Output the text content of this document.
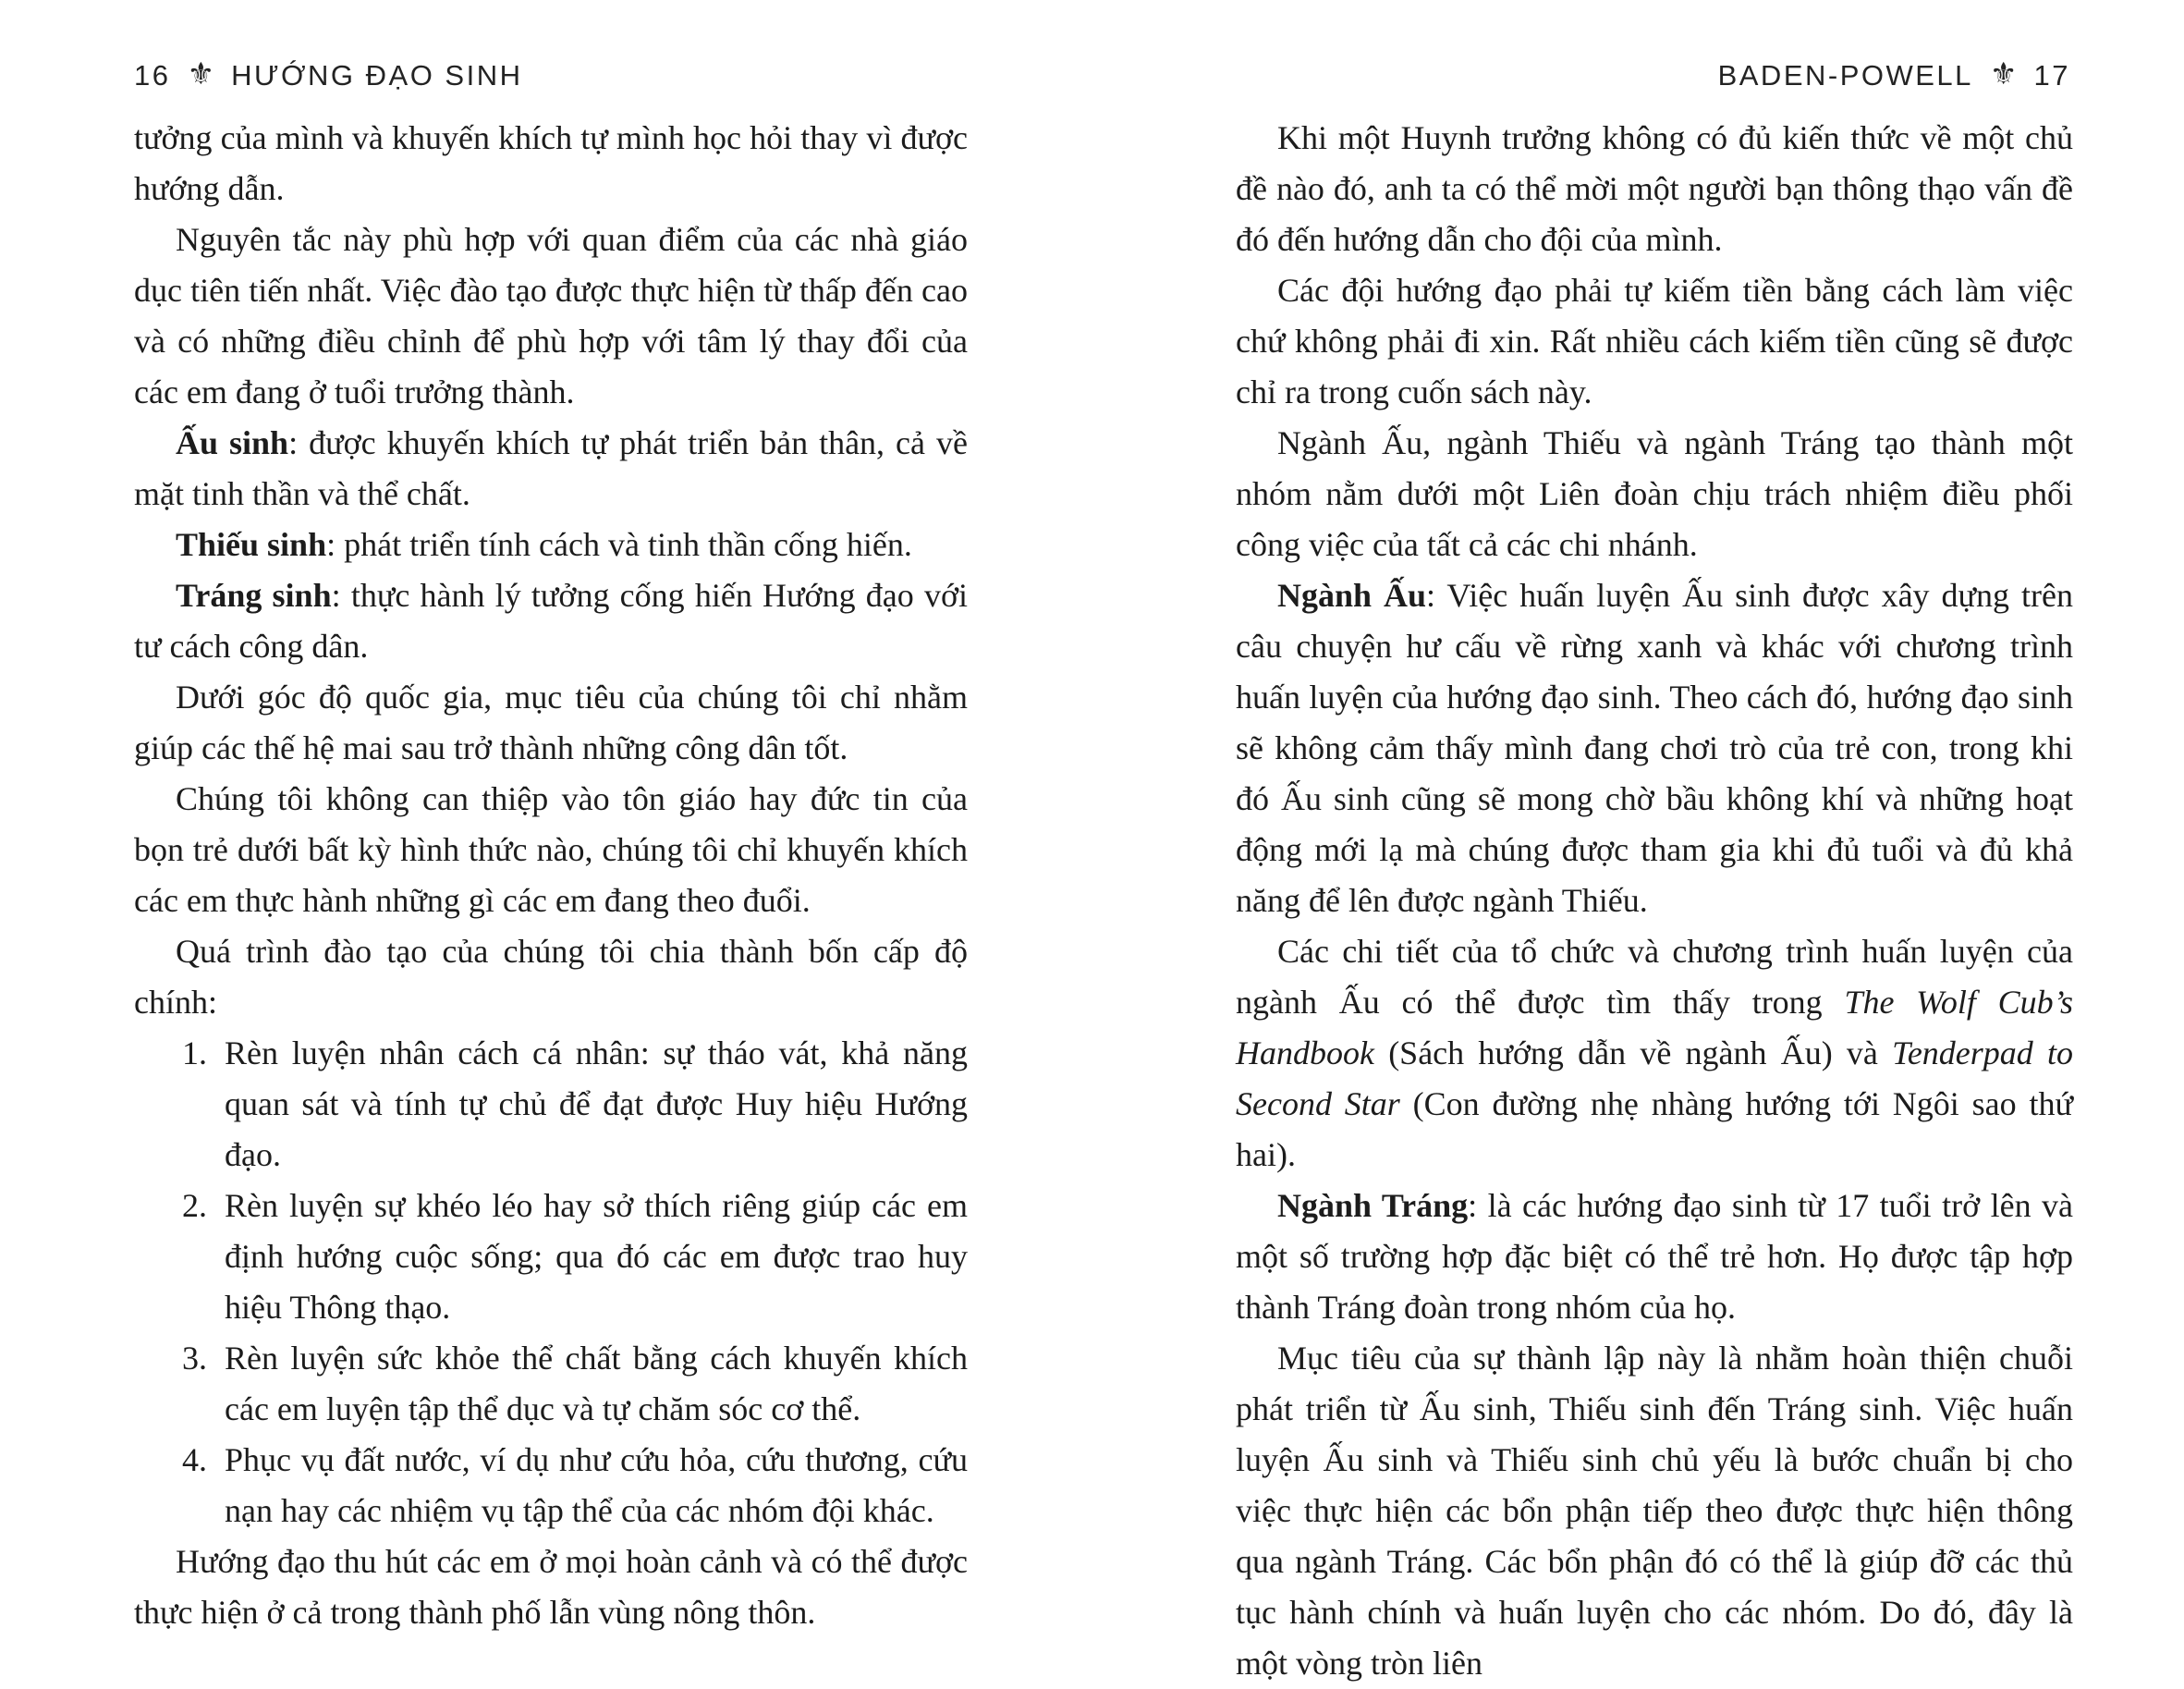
16 ⚜ HƯỚNG ĐẠO SINH	BADEN-POWELL ⚜ 17

tưởng của mình và khuyến khích tự mình học hỏi thay vì được hướng dẫn.

Nguyên tắc này phù hợp với quan điểm của các nhà giáo dục tiên tiến nhất. Việc đào tạo được thực hiện từ thấp đến cao và có những điều chỉnh để phù hợp với tâm lý thay đổi của các em đang ở tuổi trưởng thành.

Ấu sinh: được khuyến khích tự phát triển bản thân, cả về mặt tinh thần và thể chất.

Thiếu sinh: phát triển tính cách và tinh thần cống hiến.

Tráng sinh: thực hành lý tưởng cống hiến Hướng đạo với tư cách công dân.

Dưới góc độ quốc gia, mục tiêu của chúng tôi chỉ nhằm giúp các thế hệ mai sau trở thành những công dân tốt.

Chúng tôi không can thiệp vào tôn giáo hay đức tin của bọn trẻ dưới bất kỳ hình thức nào, chúng tôi chỉ khuyến khích các em thực hành những gì các em đang theo đuổi.

Quá trình đào tạo của chúng tôi chia thành bốn cấp độ chính:

1. Rèn luyện nhân cách cá nhân: sự tháo vát, khả năng quan sát và tính tự chủ để đạt được Huy hiệu Hướng đạo.

2. Rèn luyện sự khéo léo hay sở thích riêng giúp các em định hướng cuộc sống; qua đó các em được trao huy hiệu Thông thạo.

3. Rèn luyện sức khỏe thể chất bằng cách khuyến khích các em luyện tập thể dục và tự chăm sóc cơ thể.

4. Phục vụ đất nước, ví dụ như cứu hỏa, cứu thương, cứu nạn hay các nhiệm vụ tập thể của các nhóm đội khác.

Hướng đạo thu hút các em ở mọi hoàn cảnh và có thể được thực hiện ở cả trong thành phố lẫn vùng nông thôn.

Khi một Huynh trưởng không có đủ kiến thức về một chủ đề nào đó, anh ta có thể mời một người bạn thông thạo vấn đề đó đến hướng dẫn cho đội của mình.

Các đội hướng đạo phải tự kiếm tiền bằng cách làm việc chứ không phải đi xin. Rất nhiều cách kiếm tiền cũng sẽ được chỉ ra trong cuốn sách này.

Ngành Ấu, ngành Thiếu và ngành Tráng tạo thành một nhóm nằm dưới một Liên đoàn chịu trách nhiệm điều phối công việc của tất cả các chi nhánh.

Ngành Ấu: Việc huấn luyện Ấu sinh được xây dựng trên câu chuyện hư cấu về rừng xanh và khác với chương trình huấn luyện của hướng đạo sinh. Theo cách đó, hướng đạo sinh sẽ không cảm thấy mình đang chơi trò của trẻ con, trong khi đó Ấu sinh cũng sẽ mong chờ bầu không khí và những hoạt động mới lạ mà chúng được tham gia khi đủ tuổi và đủ khả năng để lên được ngành Thiếu.

Các chi tiết của tổ chức và chương trình huấn luyện của ngành Ấu có thể được tìm thấy trong The Wolf Cub’s Handbook (Sách hướng dẫn về ngành Ấu) và Tenderpad to Second Star (Con đường nhẹ nhàng hướng tới Ngôi sao thứ hai).

Ngành Tráng: là các hướng đạo sinh từ 17 tuổi trở lên và một số trường hợp đặc biệt có thể trẻ hơn. Họ được tập hợp thành Tráng đoàn trong nhóm của họ.

Mục tiêu của sự thành lập này là nhằm hoàn thiện chuỗi phát triển từ Ấu sinh, Thiếu sinh đến Tráng sinh. Việc huấn luyện Ấu sinh và Thiếu sinh chủ yếu là bước chuẩn bị cho việc thực hiện các bổn phận tiếp theo được thực hiện thông qua ngành Tráng. Các bổn phận đó có thể là giúp đỡ các thủ tục hành chính và huấn luyện cho các nhóm. Do đó, đây là một vòng tròn liên
